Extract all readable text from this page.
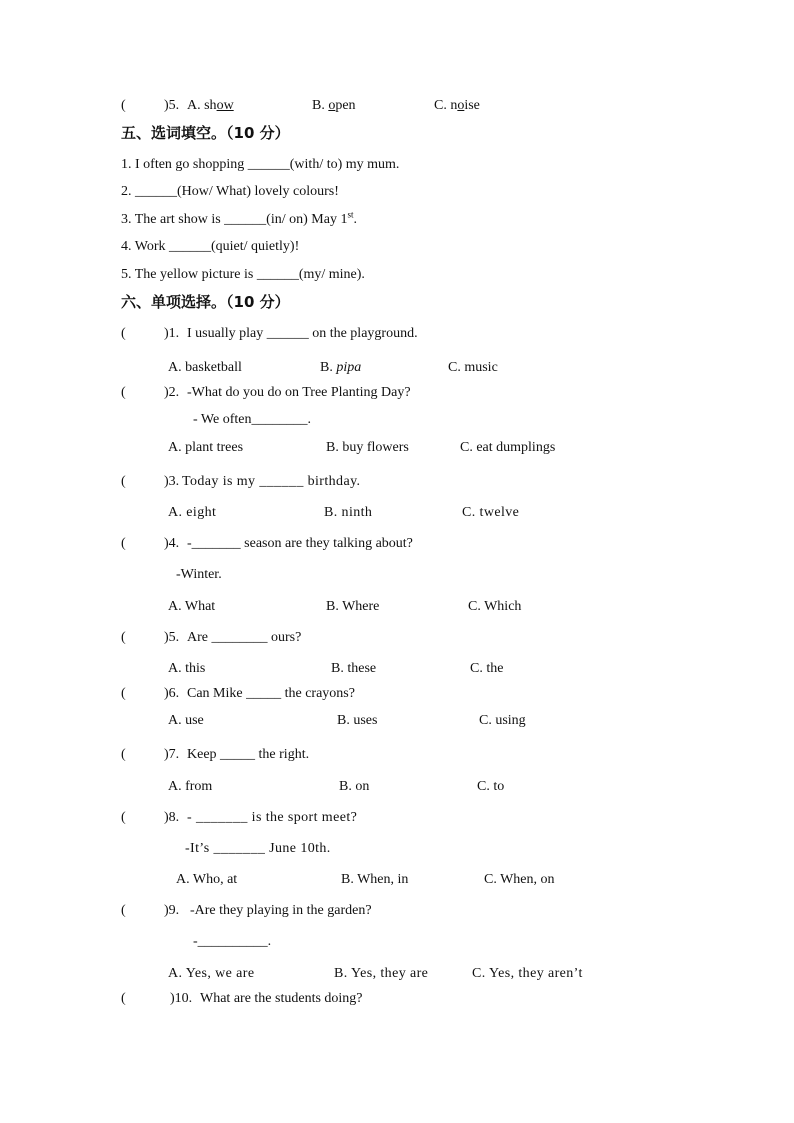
(	)5. A. show	B. open	C. noise
五、选词填空。（10 分）
1. I often go shopping ______(with/ to) my mum.
2. ______(How/ What) lovely colours!
3. The art show is ______(in/ on) May 1st.
4. Work ______(quiet/ quietly)!
5. The yellow picture is ______(my/ mine).
六、单项选择。（10 分）
(	)1. I usually play ______ on the playground.
A. basketball	B. pipa	C. music
(	)2. -What do you do on Tree Planting Day?
- We often________.
A. plant trees	B. buy flowers	C. eat dumplings
(	)3. Today is my ______ birthday.
A. eight	B. ninth	C. twelve
(	)4. -_______ season are they talking about?
-Winter.
A. What	B. Where	C. Which
(	)5. Are ________ ours?
A. this	B. these	C. the
(	)6. Can Mike _____ the crayons?
A. use	B. uses	C. using
(	)7. Keep _____ the right.
A. from	B. on	C. to
(	)8. - _______ is the sport meet?
-It’s _______ June 10th.
A. Who, at	B. When, in	C. When, on
(	)9. -Are they playing in the garden?
-__________.
A. Yes, we are	B. Yes, they are	C. Yes, they aren’t
(	)10. What are the students doing?
